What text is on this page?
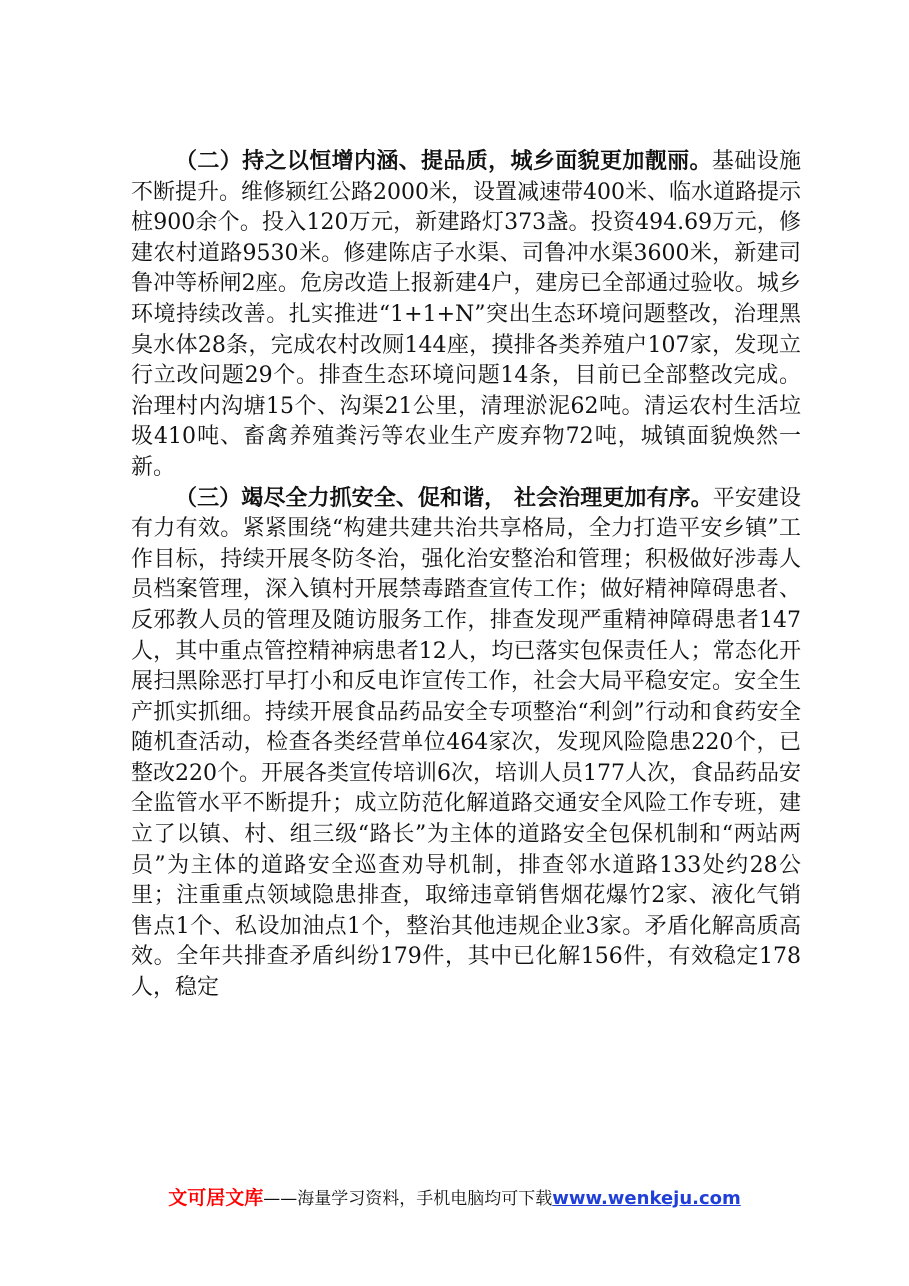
（二）持之以恒增内涵、提品质，城乡面貌更加靓丽。基础设施不断提升。维修颍红公路2000米，设置减速带400米、临水道路提示桩900余个。投入120万元，新建路灯373盏。投资494.69万元，修建农村道路9530米。修建陈店子水渠、司鲁冲水渠3600米，新建司鲁冲等桥闸2座。危房改造上报新建4户，建房已全部通过验收。城乡环境持续改善。扎实推进“1+1+N”突出生态环境问题整改，治理黑臭水体28条，完成农村改厕144座，摸排各类养殖户107家，发现立行立改问题29个。排查生态环境问题14条，目前已全部整改完成。治理村内沟塘15个、沟渠21公里，清理淤泥62吨。清运农村生活垃圾410吨、畜禽养殖粪污等农业生产废弃物72吨，城镇面貌焕然一新。

（三）竭尽全力抓安全、促和谐， 社会治理更加有序。平安建设有力有效。紧紧围绕“构建共建共治共享格局，全力打造平安乡镇”工作目标，持续开展冬防冬治，强化治安整治和管理；积极做好涉毒人员档案管理，深入镇村开展禁毒踏查宣传工作；做好精神障碍患者、反邪教人员的管理及随访服务工作，排查发现严重精神障碍患者147人，其中重点管控精神病患者12人，均已落实包保责任人；常态化开展扫黑除恶打早打小和反电诈宣传工作，社会大局平稳安定。安全生产抓实抓细。持续开展食品药品安全专项整治“利剑”行动和食药安全随机查活动，检查各类经营单位464家次，发现风险隐患220个，已整改220个。开展各类宣传培训6次，培训人员177人次，食品药品安全监管水平不断提升；成立防范化解道路交通安全风险工作专班，建立了以镇、村、组三级“路长”为主体的道路安全包保机制和“两站两员”为主体的道路安全巡查劝导机制，排查邻水道路133处约28公里；注重重点领域隐患排查，取缔违章销售烟花爆竹2家、液化气销售点1个、私设加油点1个，整治其他违规企业3家。矛盾化解高质高效。全年共排查矛盾纠纷179件，其中已化解156件，有效稳定178人，稳定

文可居文库——海量学习资料，手机电脑均可下载www.wenkeju.com
